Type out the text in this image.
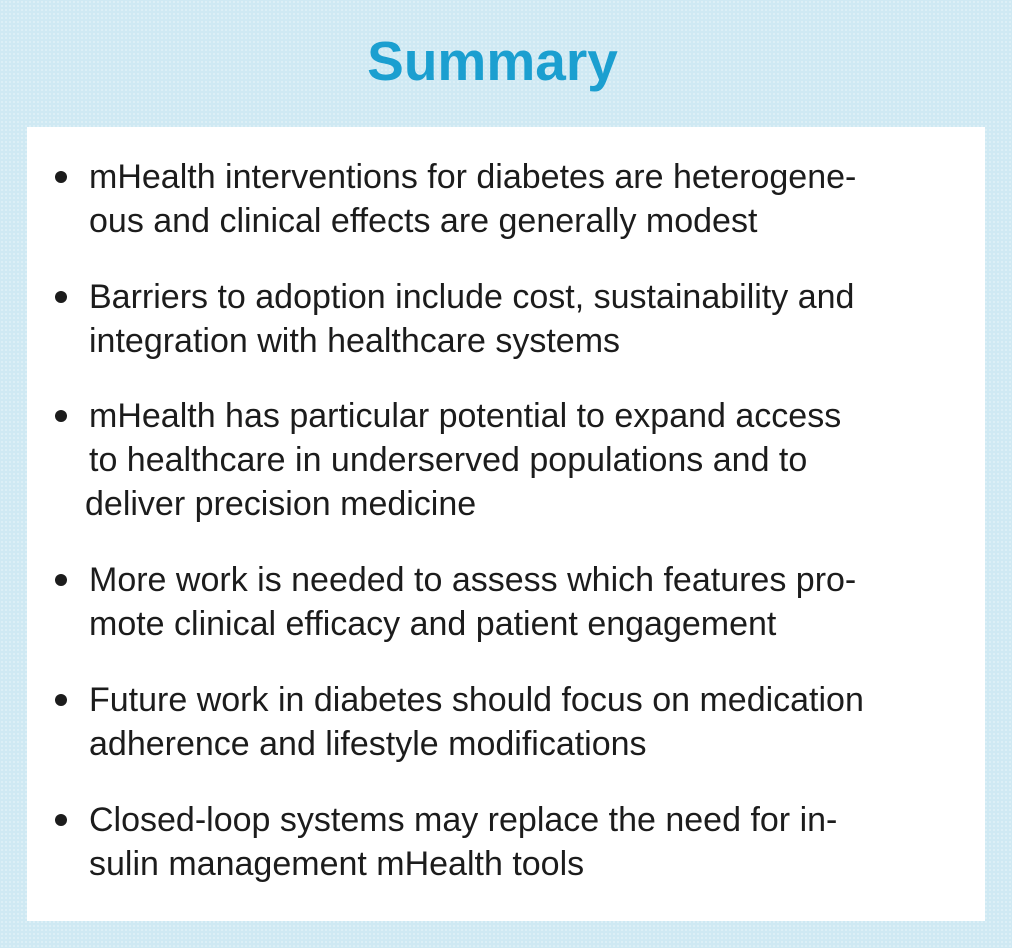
Summary
mHealth interventions for diabetes are heterogene-
ous and clinical effects are generally modest
Barriers to adoption include cost, sustainability and
integration with healthcare systems
mHealth has particular potential to expand access
to healthcare in underserved populations and to
deliver precision medicine
More work is needed to assess which features pro-
mote clinical efficacy and patient engagement
Future work in diabetes should focus on medication
adherence and lifestyle modifications
Closed-loop systems may replace the need for in-
sulin management mHealth tools
